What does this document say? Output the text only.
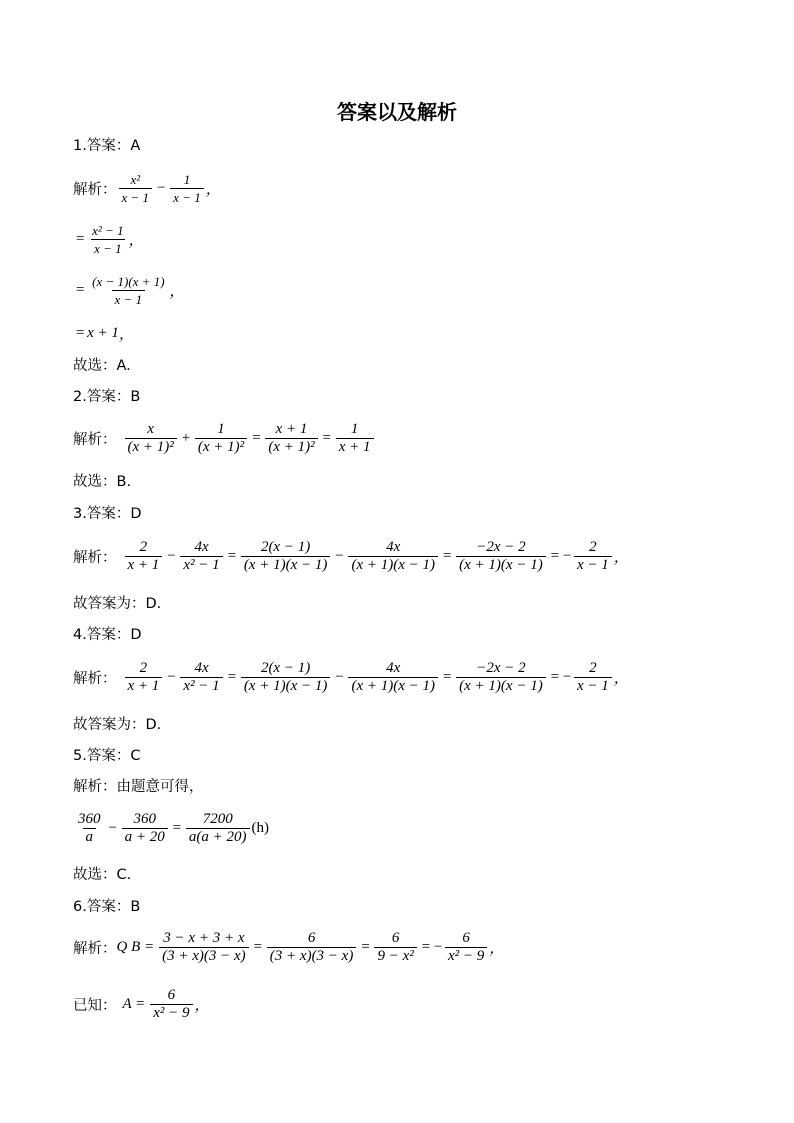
答案以及解析
1.答案：A
解析： $\frac{\text{x²}}{x - 1} - \frac{1}{x - 1}$ ，
= $\frac{\text{x² − 1}}{x - 1}$ ，
= $\frac{(x - 1)(x + 1)}{x - 1}$ ，
= x + 1 ，
故选：A.
2.答案：B
解析： $\frac{x}{\text{(x + 1)²}} + \frac{1}{\text{(x + 1)²}} = \frac{x + 1}{\text{(x + 1)²}} = \frac{1}{x + 1}$
故选：B.
3.答案：D
解析： $\frac{2}{x + 1} - \frac{4x}{\text{x² − 1}} = \frac{2(x - 1)}{(x + 1)(x - 1)} - \frac{4x}{(x + 1)(x - 1)} = \frac{-2x - 2}{(x + 1)(x - 1)}$ = − $\frac{2}{x - 1}$ ，
故答案为：D.
4.答案：D
解析： $\frac{2}{x + 1} - \frac{4x}{\text{x² − 1}} = \frac{2(x - 1)}{(x + 1)(x - 1)} - \frac{4x}{(x + 1)(x - 1)} = \frac{-2x - 2}{(x + 1)(x - 1)}$ = − $\frac{2}{x - 1}$ ，
故答案为：D.
5.答案：C
解析：由题意可得，
$\frac{360}{a} - \frac{360}{a + 20} = \frac{7200}{a(a + 20)} (h)$
故选：C.
6.答案：B
解析： Q $B = \frac{3 - x + 3 + x}{(3 + x)(3 - x)} = \frac{6}{(3 + x)(3 - x)} = \frac{6}{\text{9 − x²}}$ = − $\frac{6}{\text{x² − 9}}$ ，
已知： $A = \frac{6}{\text{x² − 9}}$ ，
